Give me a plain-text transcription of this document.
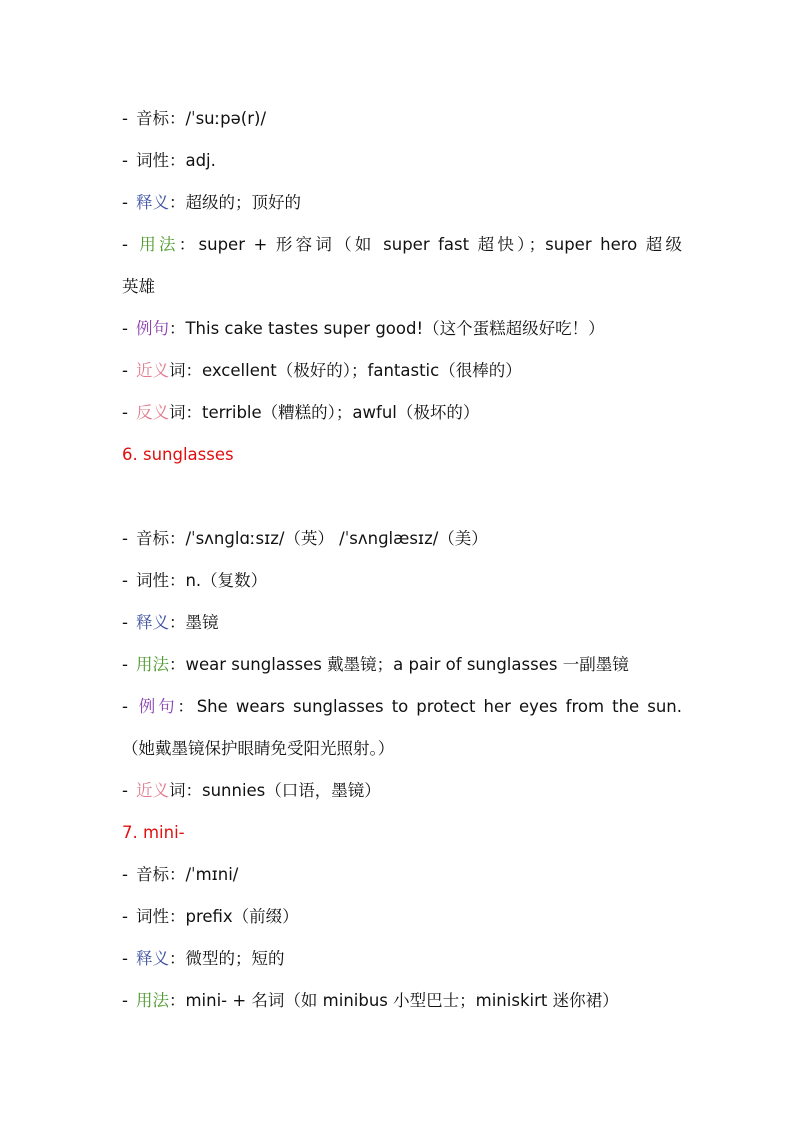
- 音标：/ˈsuːpə(r)/
- 词性：adj.
- 释义：超级的；顶好的
- 用法：super + 形容词（如 super fast 超快）；super hero 超级
英雄
- 例句：This cake tastes super good!（这个蛋糕超级好吃！）
- 近义词：excellent（极好的）；fantastic（很棒的）
- 反义词：terrible（糟糕的）；awful（极坏的）
6. sunglasses
- 音标：/ˈsʌnɡlɑːsɪz/（英） /ˈsʌnɡlæsɪz/（美）
- 词性：n.（复数）
- 释义：墨镜
- 用法：wear sunglasses 戴墨镜；a pair of sunglasses 一副墨镜
- 例句：She wears sunglasses to protect her eyes from the sun.
（她戴墨镜保护眼睛免受阳光照射。）
- 近义词：sunnies（口语，墨镜）
7. mini-
- 音标：/ˈmɪni/
- 词性：prefix（前缀）
- 释义：微型的；短的
- 用法：mini- + 名词（如 minibus 小型巴士；miniskirt 迷你裙）
